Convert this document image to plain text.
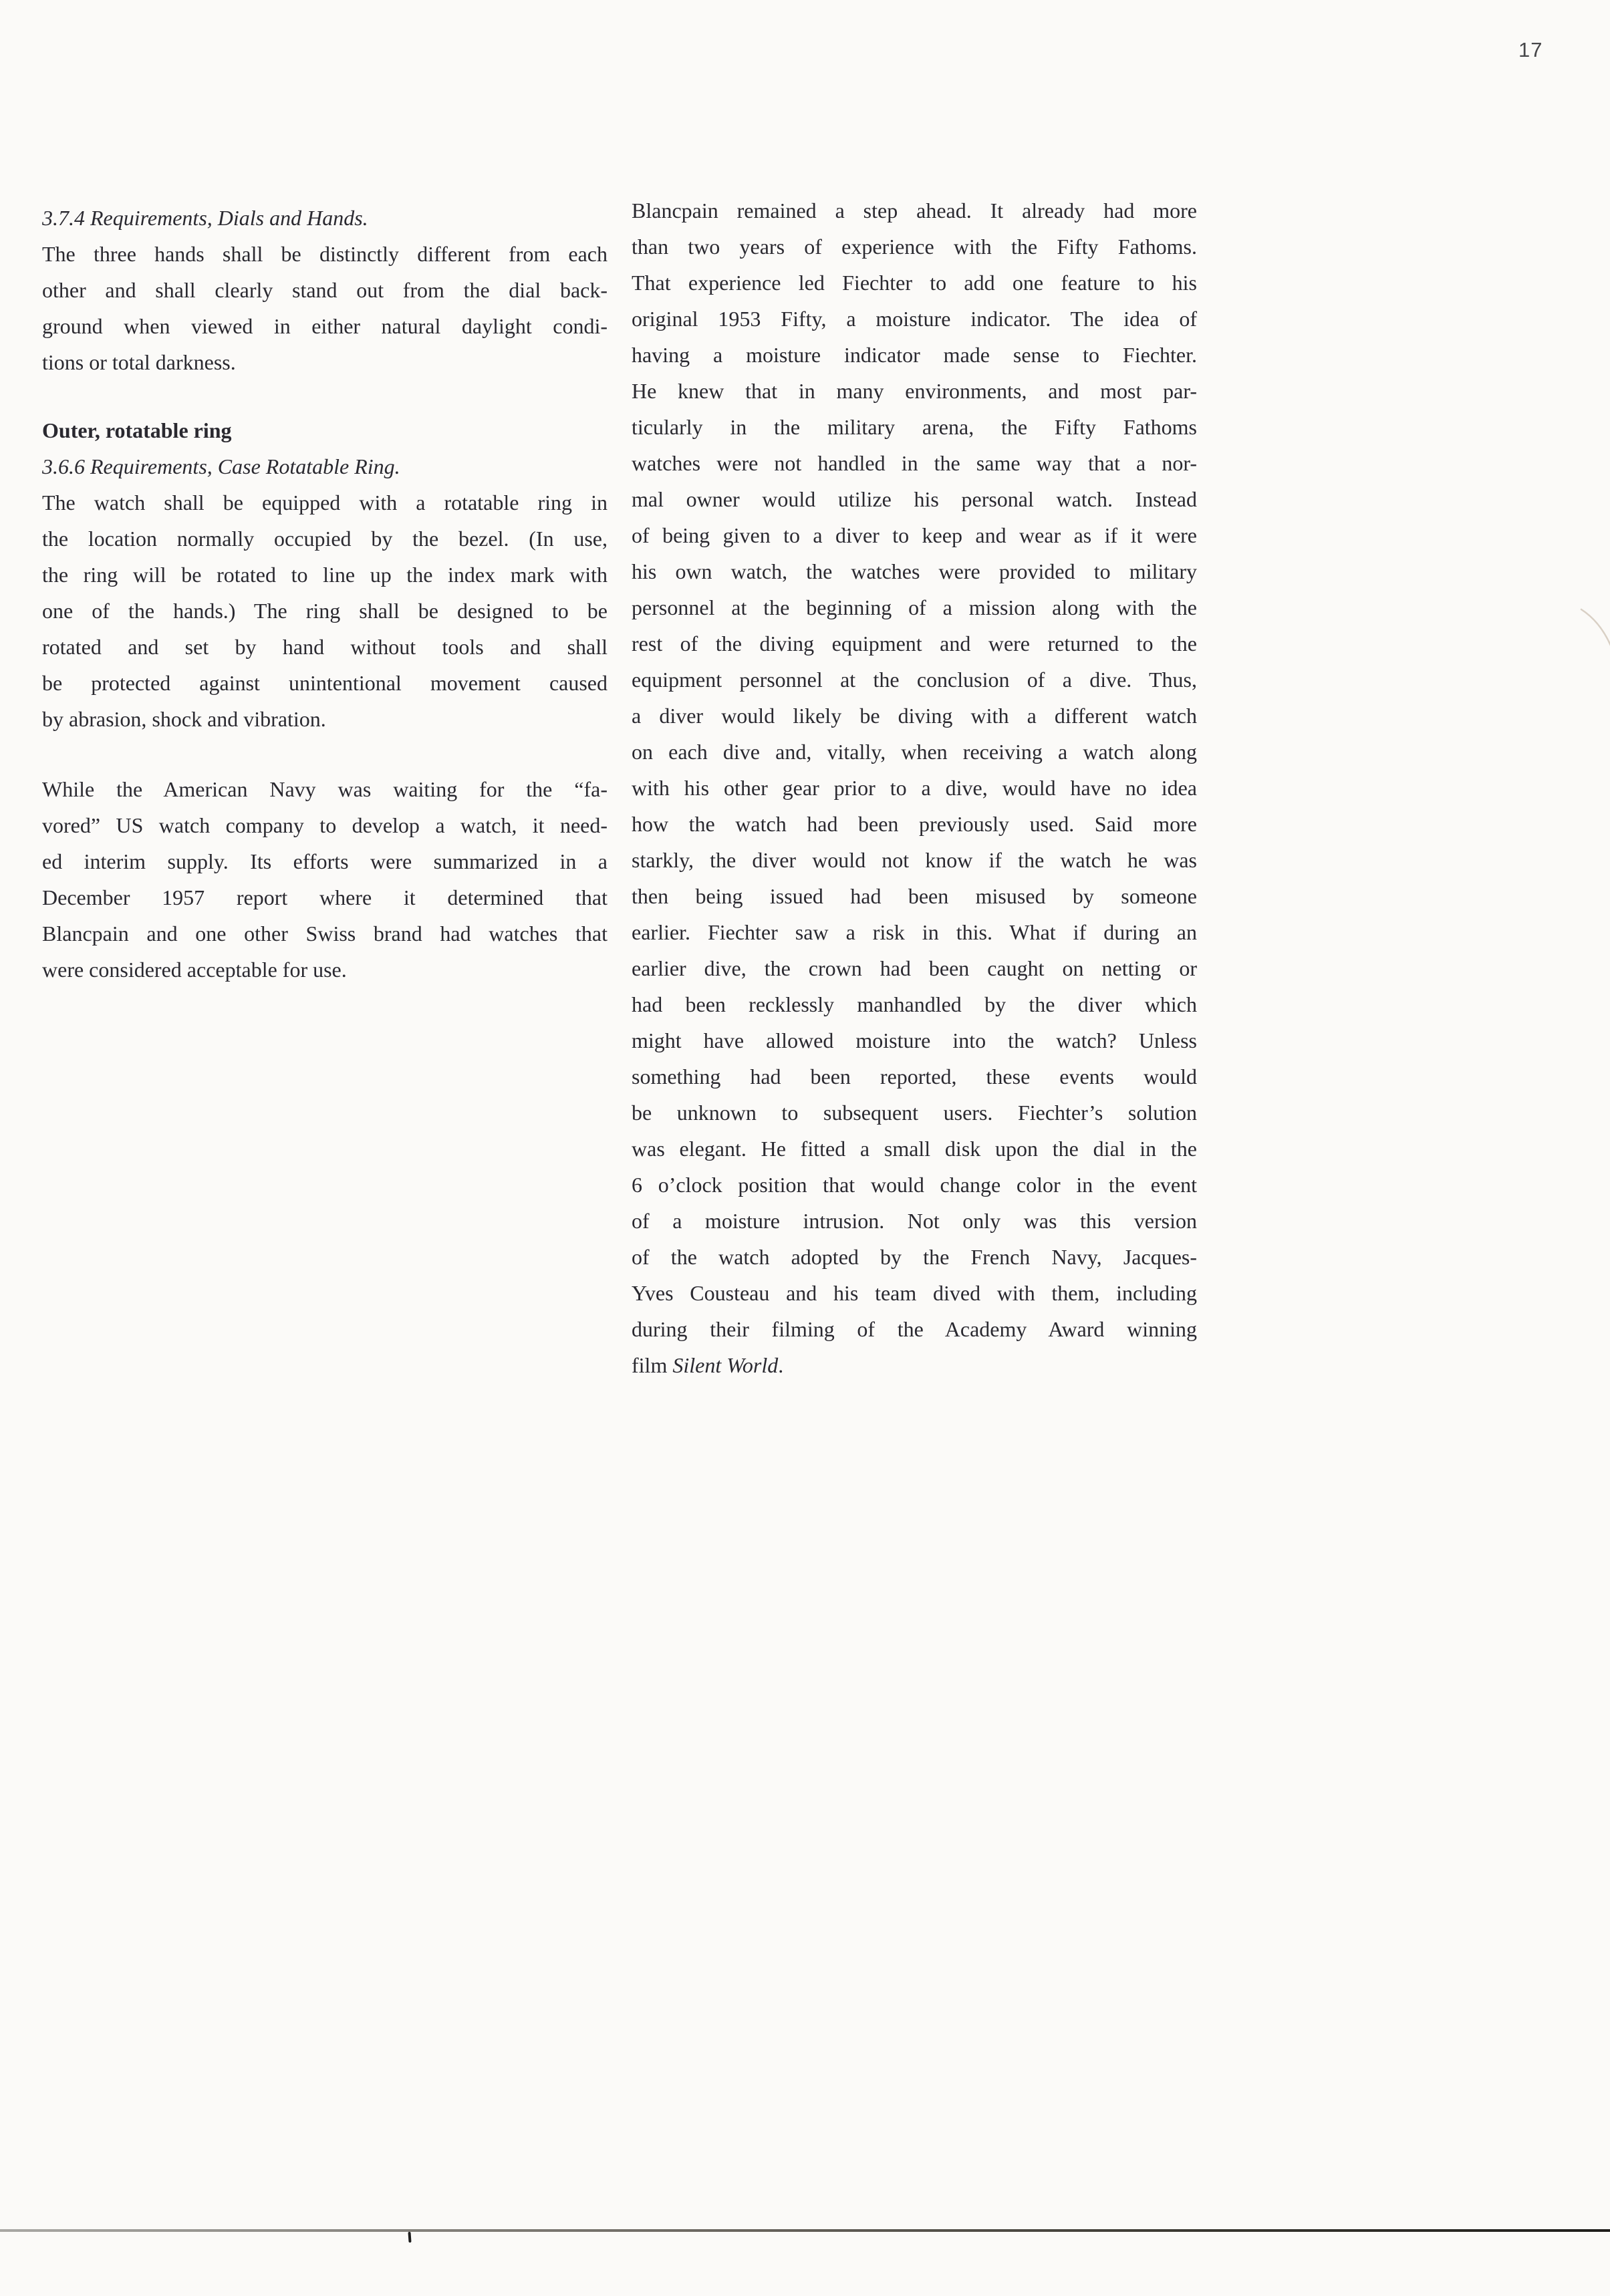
17
3.7.4 Requirements, Dials and Hands.
The three hands shall be distinctly different from each
other and shall clearly stand out from the dial back-
ground when viewed in either natural daylight condi-
tions or total darkness.
Outer, rotatable ring
3.6.6 Requirements, Case Rotatable Ring.
The watch shall be equipped with a rotatable ring in
the location normally occupied by the bezel. (In use,
the ring will be rotated to line up the index mark with
one of the hands.) The ring shall be designed to be
rotated and set by hand without tools and shall
be protected against unintentional movement caused
by abrasion, shock and vibration.
While the American Navy was waiting for the “fa-
vored” US watch company to develop a watch, it need-
ed interim supply. Its efforts were summarized in a
December 1957 report where it determined that
Blancpain and one other Swiss brand had watches that
were considered acceptable for use.
Blancpain remained a step ahead. It already had more
than two years of experience with the Fifty Fathoms.
That experience led Fiechter to add one feature to his
original 1953 Fifty, a moisture indicator. The idea of
having a moisture indicator made sense to Fiechter.
He knew that in many environments, and most par-
ticularly in the military arena, the Fifty Fathoms
watches were not handled in the same way that a nor-
mal owner would utilize his personal watch. Instead
of being given to a diver to keep and wear as if it were
his own watch, the watches were provided to military
personnel at the beginning of a mission along with the
rest of the diving equipment and were returned to the
equipment personnel at the conclusion of a dive. Thus,
a diver would likely be diving with a different watch
on each dive and, vitally, when receiving a watch along
with his other gear prior to a dive, would have no idea
how the watch had been previously used. Said more
starkly, the diver would not know if the watch he was
then being issued had been misused by someone
earlier. Fiechter saw a risk in this. What if during an
earlier dive, the crown had been caught on netting or
had been recklessly manhandled by the diver which
might have allowed moisture into the watch? Unless
something had been reported, these events would
be unknown to subsequent users. Fiechter’s solution
was elegant. He fitted a small disk upon the dial in the
6 o’clock position that would change color in the event
of a moisture intrusion. Not only was this version
of the watch adopted by the French Navy, Jacques-
Yves Cousteau and his team dived with them, including
during their filming of the Academy Award winning
film Silent World.
